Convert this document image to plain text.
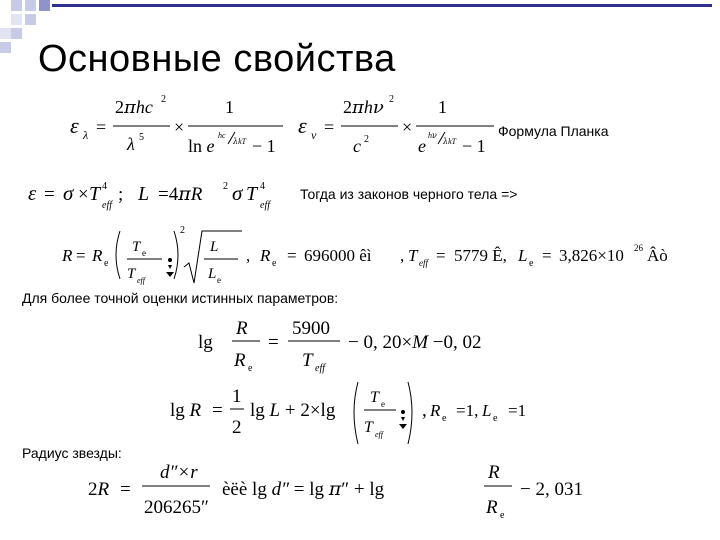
Основные свойства
ε λ =
2πhc 2
λ 5
×
1
ln e
hc
λkT − 1
ε ν =
2πhν 2
c 2
×
1
e
hν
λkT − 1
Формула Планка
ε = σ × T 4
eff
; L =4πR 2 σ T 4
eff
Тогда из законов черного тела =>
R = R e
T e
T eff
2
L
L e
, R e = 696000 êì , T eff = 5779 Ê, L e = 3,826×10 26 Âò
Для более точной оценки истинных параметров:
lg
R
R e
=
5900
T eff
− 0, 20×M −0, 02
lg R =
1
2
lg L + 2×lg
T e
T eff
, R e =1, L e =1
Радиус звезды:
2R =
d″×r
206265″
èëè lg d″ = lg π″ + lg
R
R e
− 2, 031
